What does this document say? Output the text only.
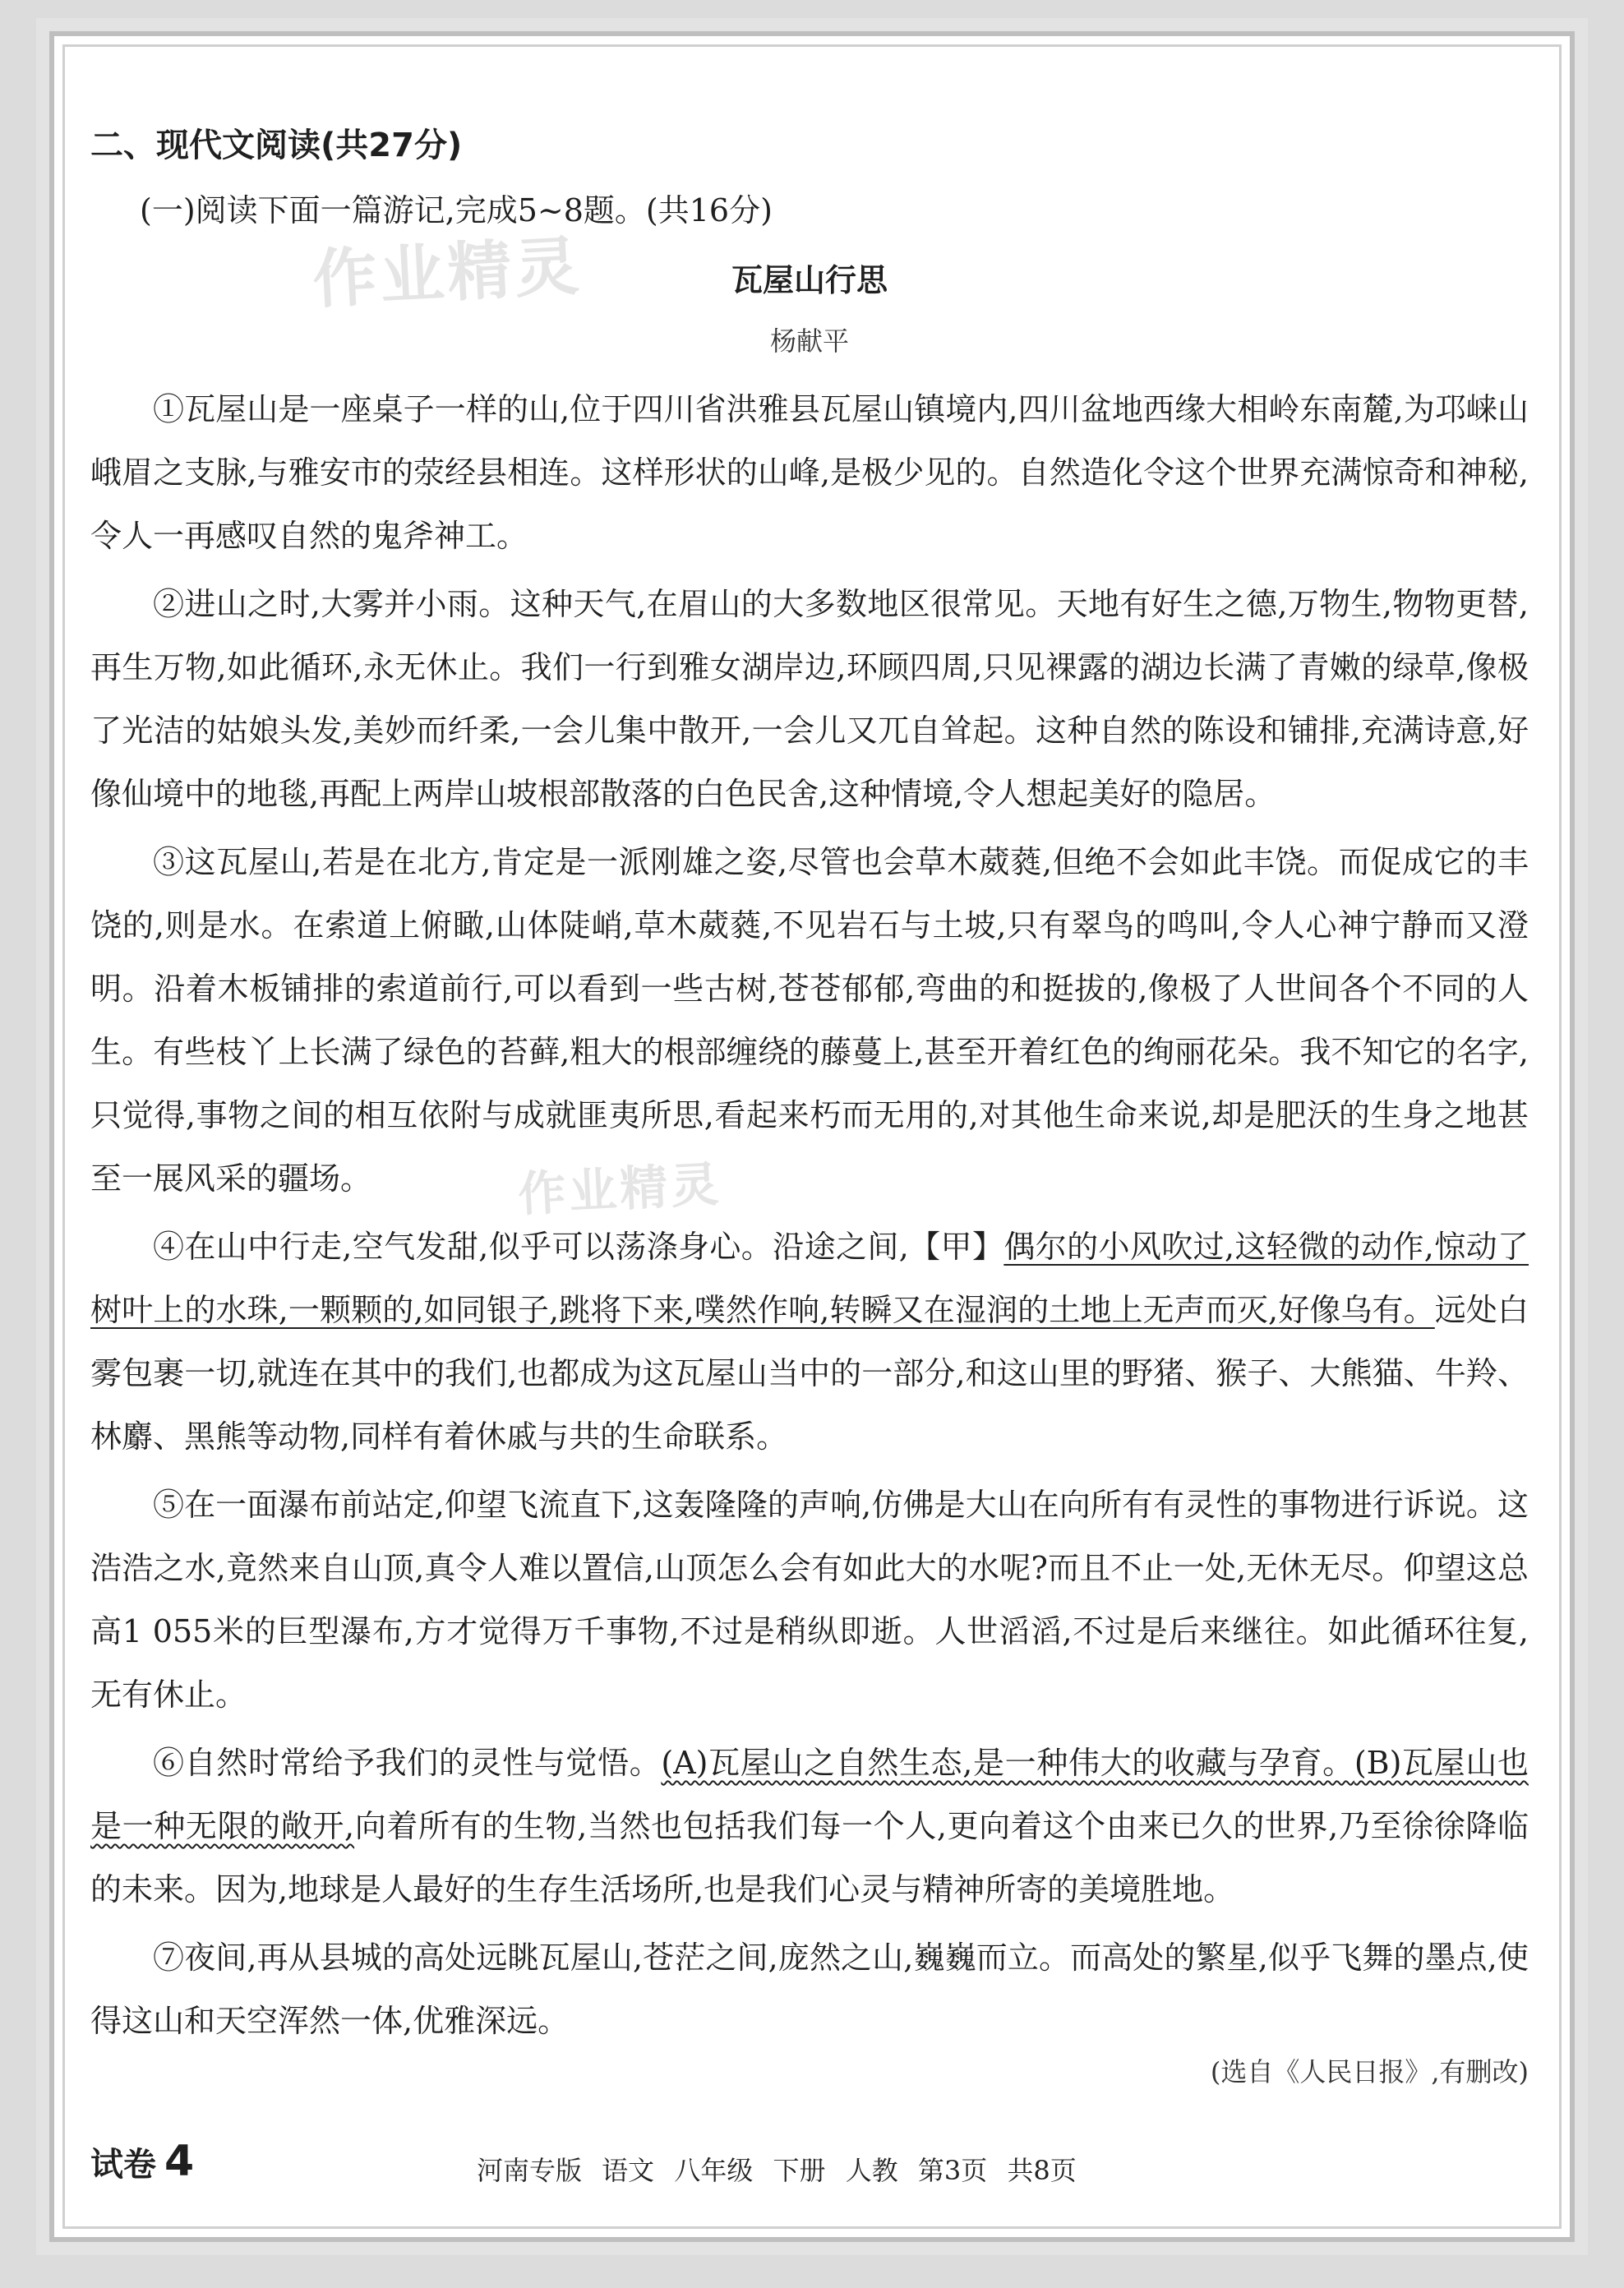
二、现代文阅读(共27分)
(一)阅读下面一篇游记,完成5~8题。(共16分)
作业精灵
作业精灵
瓦屋山行思
杨献平

①瓦屋山是一座桌子一样的山,位于四川省洪雅县瓦屋山镇境内,四川盆地西缘大相岭东南麓,为邛崃山峨眉之支脉,与雅安市的荥经县相连。这样形状的山峰,是极少见的。自然造化令这个世界充满惊奇和神秘,令人一再感叹自然的鬼斧神工。

②进山之时,大雾并小雨。这种天气,在眉山的大多数地区很常见。天地有好生之德,万物生,物物更替,再生万物,如此循环,永无休止。我们一行到雅女湖岸边,环顾四周,只见裸露的湖边长满了青嫩的绿草,像极了光洁的姑娘头发,美妙而纤柔,一会儿集中散开,一会儿又兀自耸起。这种自然的陈设和铺排,充满诗意,好像仙境中的地毯,再配上两岸山坡根部散落的白色民舍,这种情境,令人想起美好的隐居。

③这瓦屋山,若是在北方,肯定是一派刚雄之姿,尽管也会草木葳蕤,但绝不会如此丰饶。而促成它的丰饶的,则是水。在索道上俯瞰,山体陡峭,草木葳蕤,不见岩石与土坡,只有翠鸟的鸣叫,令人心神宁静而又澄明。沿着木板铺排的索道前行,可以看到一些古树,苍苍郁郁,弯曲的和挺拔的,像极了人世间各个不同的人生。有些枝丫上长满了绿色的苔藓,粗大的根部缠绕的藤蔓上,甚至开着红色的绚丽花朵。我不知它的名字,只觉得,事物之间的相互依附与成就匪夷所思,看起来朽而无用的,对其他生命来说,却是肥沃的生身之地甚至一展风采的疆场。

④在山中行走,空气发甜,似乎可以荡涤身心。沿途之间,【甲】偶尔的小风吹过,这轻微的动作,惊动了树叶上的水珠,一颗颗的,如同银子,跳将下来,噗然作响,转瞬又在湿润的土地上无声而灭,好像乌有。远处白雾包裹一切,就连在其中的我们,也都成为这瓦屋山当中的一部分,和这山里的野猪、猴子、大熊猫、牛羚、林麝、黑熊等动物,同样有着休戚与共的生命联系。

⑤在一面瀑布前站定,仰望飞流直下,这轰隆隆的声响,仿佛是大山在向所有有灵性的事物进行诉说。这浩浩之水,竟然来自山顶,真令人难以置信,山顶怎么会有如此大的水呢?而且不止一处,无休无尽。仰望这总高1 055米的巨型瀑布,方才觉得万千事物,不过是稍纵即逝。人世滔滔,不过是后来继往。如此循环往复,无有休止。

⑥自然时常给予我们的灵性与觉悟。(A)瓦屋山之自然生态,是一种伟大的收藏与孕育。(B)瓦屋山也是一种无限的敞开,向着所有的生物,当然也包括我们每一个人,更向着这个由来已久的世界,乃至徐徐降临的未来。因为,地球是人最好的生存生活场所,也是我们心灵与精神所寄的美境胜地。

⑦夜间,再从县城的高处远眺瓦屋山,苍茫之间,庞然之山,巍巍而立。而高处的繁星,似乎飞舞的墨点,使得这山和天空浑然一体,优雅深远。

(选自《人民日报》,有删改)
试卷 4	河南专版 语文 八年级 下册 人教 第3页 共8页
